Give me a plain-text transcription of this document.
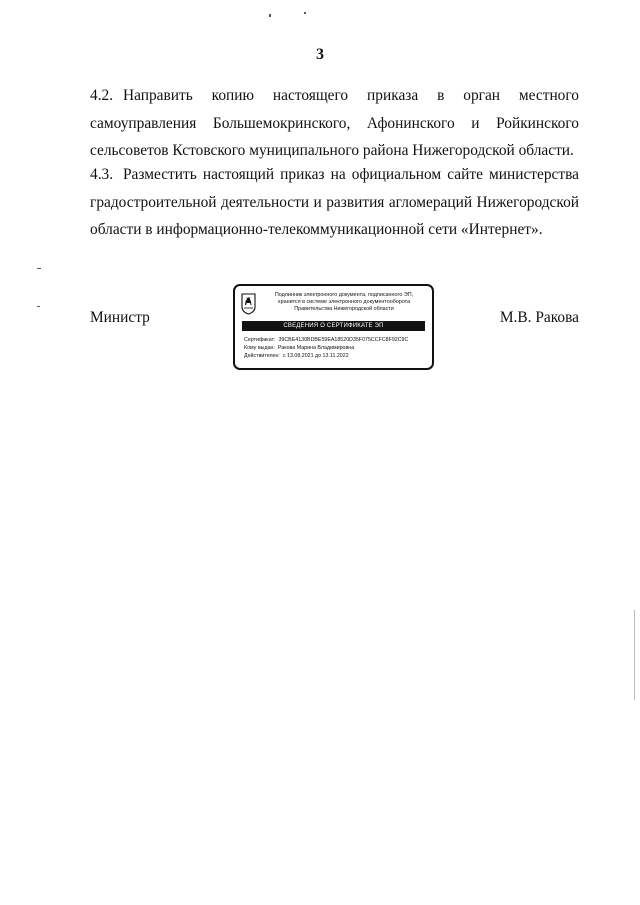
3

4.2. Направить копию настоящего приказа в орган местного самоуправления Большемокринского, Афонинского и Ройкинского сельсоветов Кстовского муниципального района Нижегородской области.

4.3. Разместить настоящий приказ на официальном сайте министерства градостроительной деятельности и развития агломераций Нижегородской области в информационно-телекоммуникационной сети «Интернет».

Министр
Подлинник электронного документа, подписанного ЭП,
хранится в системе электронного документооборота
Правительства Нижегородской области
СВЕДЕНИЯ О СЕРТИФИКАТЕ ЭП
Сертификат: 39CBE4130BDBE59EA18520D35F075CCFC8F92C9C
Кому выдан: Ракова Марина Владимировна
Действителен: с 13.08.2021 до 13.11.2022
М.В. Ракова
